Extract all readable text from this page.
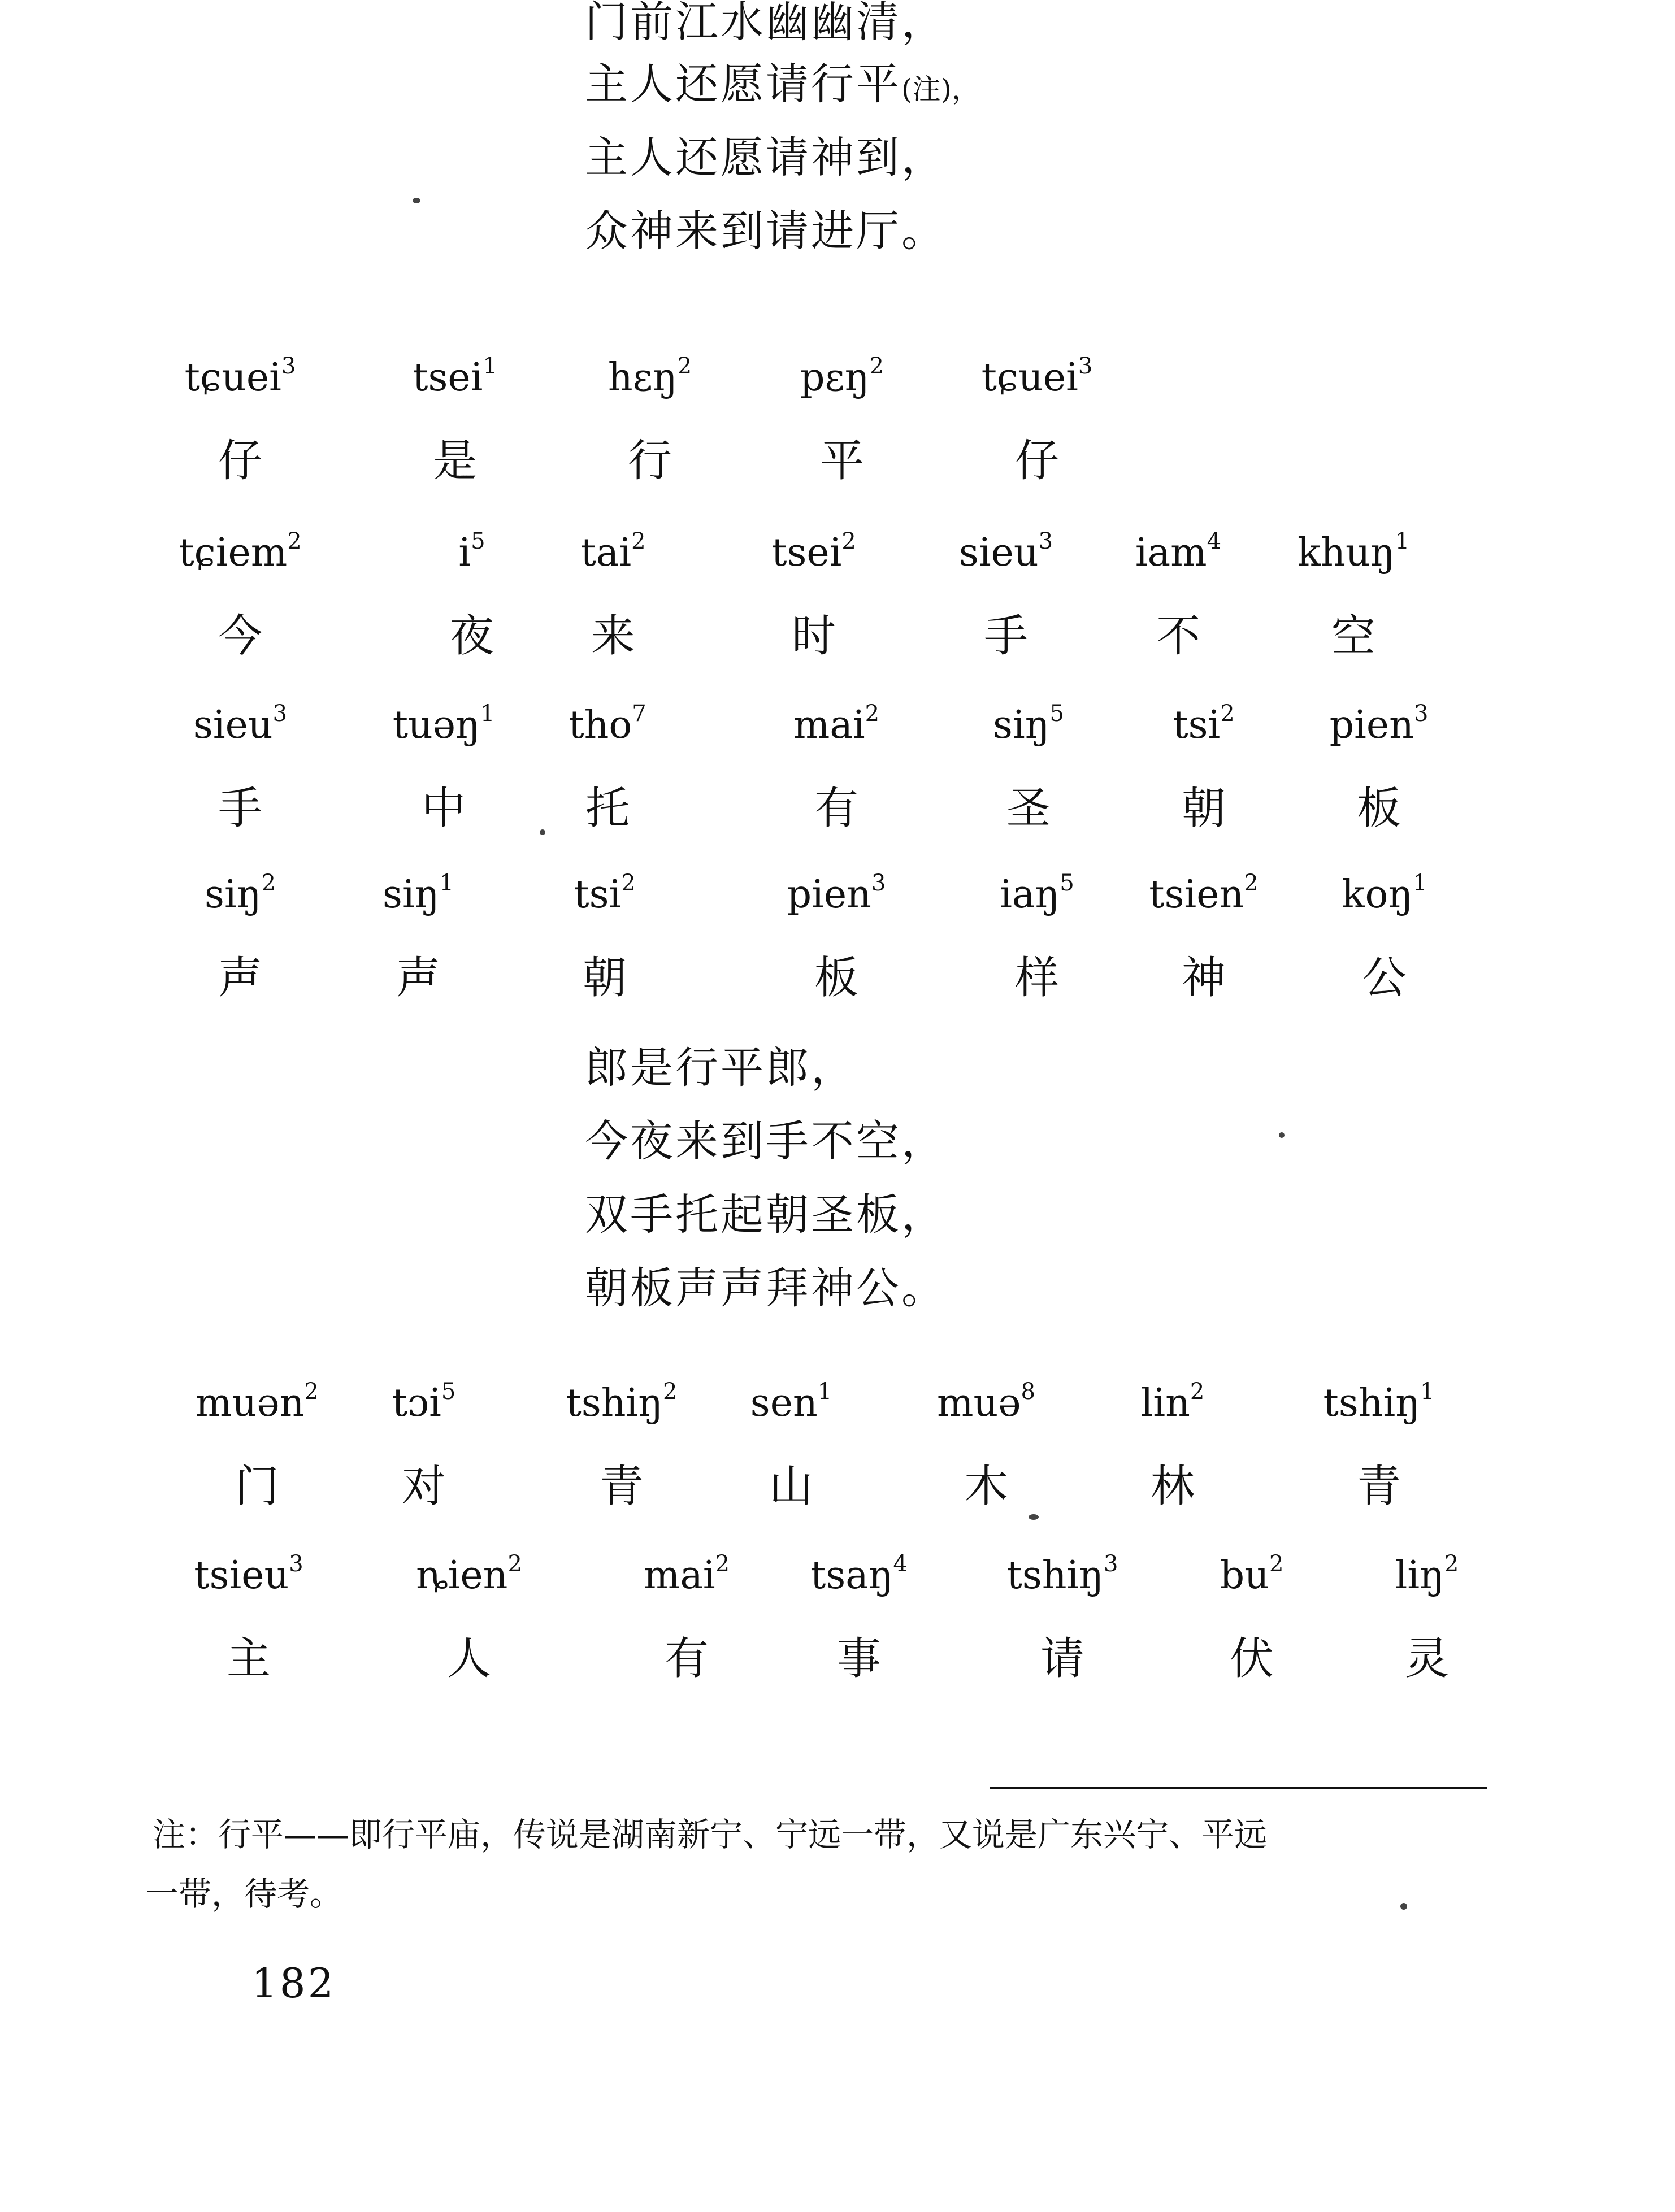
门前江水幽幽清，
主人还愿请行平(注)，
主人还愿请神到，
众神来到请进厅。
tɕuei$^3$
仔
tsei$^1$
是
hɛŋ$^2$
行
pɛŋ$^2$
平
tɕuei$^3$
仔
tɕiem$^2$
今
$i^5$
夜
tai$^2$
来
tsei$^2$
时
sieu$^3$
手
iam$^4$
不
khuŋ$^1$
空
sieu$^3$
手
tuəŋ$^1$
中
tho$^7$
托
mai$^2$
有
siŋ$^5$
圣
tsi$^2$
朝
pien$^3$
板
siŋ$^2$
声
siŋ$^1$
声
tsi$^2$
朝
pien$^3$
板
iaŋ$^5$
样
tsien$^2$
神
koŋ$^1$
公
郎是行平郎，
今夜来到手不空，
双手托起朝圣板，
朝板声声拜神公。
muən$^2$
门
tɔi$^5$
对
tshiŋ$^2$
青
sen$^1$
山
muə$^8$
木
lin$^2$
林
tshiŋ$^1$
青
tsieu$^3$
主
ȵien$^2$
人
mai$^2$
有
tsaŋ$^4$
事
tshiŋ$^3$
请
$bu^2$
伏
liŋ$^2$
灵
注：行平——即行平庙，传说是湖南新宁、宁远一带，又说是广东兴宁、平远
一带，待考。
182
